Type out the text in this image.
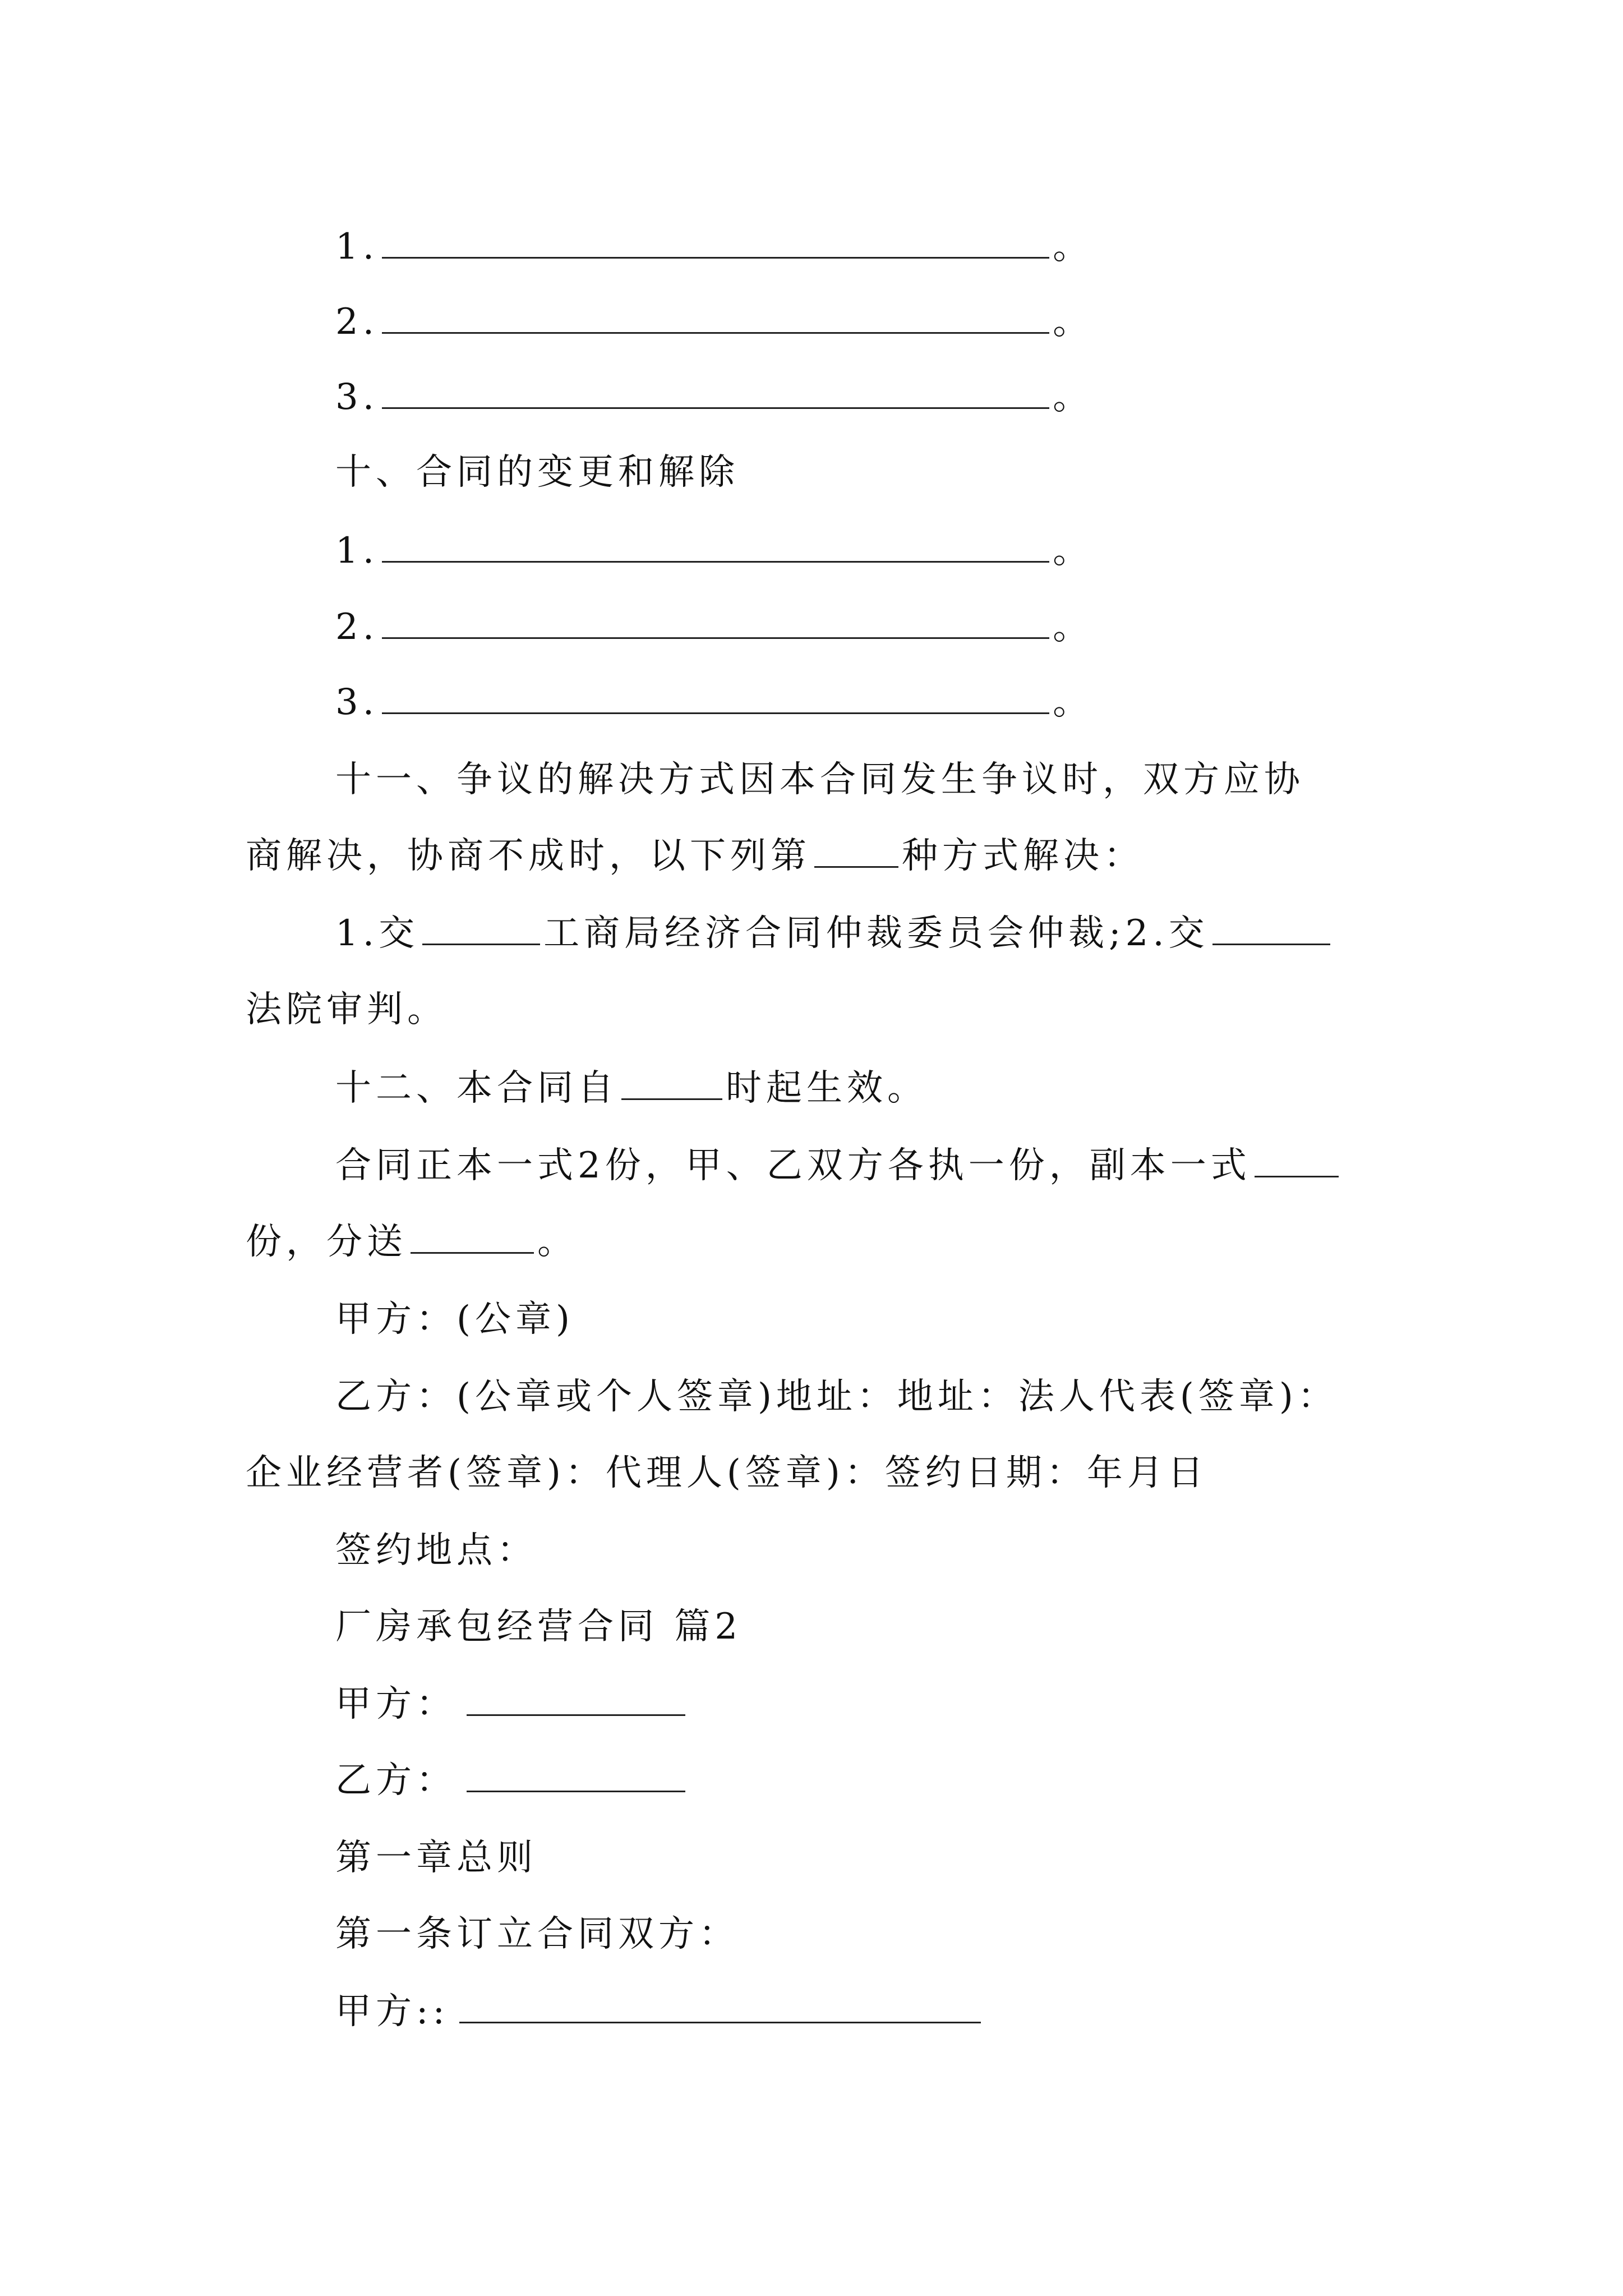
1.	。
2.	。
3.	。
十、合同的变更和解除
1.	。
2.	。
3.	。
十一、争议的解决方式因本合同发生争议时，双方应协
商解决，协商不成时，以下列第	种方式解决：
1.交	工商局经济合同仲裁委员会仲裁;2.交
法院审判。
十二、本合同自	时起生效。
合同正本一式2份，甲、乙双方各执一份，副本一式
份，分送	。
甲方：(公章)
乙方：(公章或个人签章)地址：地址：法人代表(签章)：
企业经营者(签章)：代理人(签章)：签约日期：年月日
签约地点：
厂房承包经营合同 篇2
甲方：
乙方：
第一章总则
第一条订立合同双方：
甲方::
